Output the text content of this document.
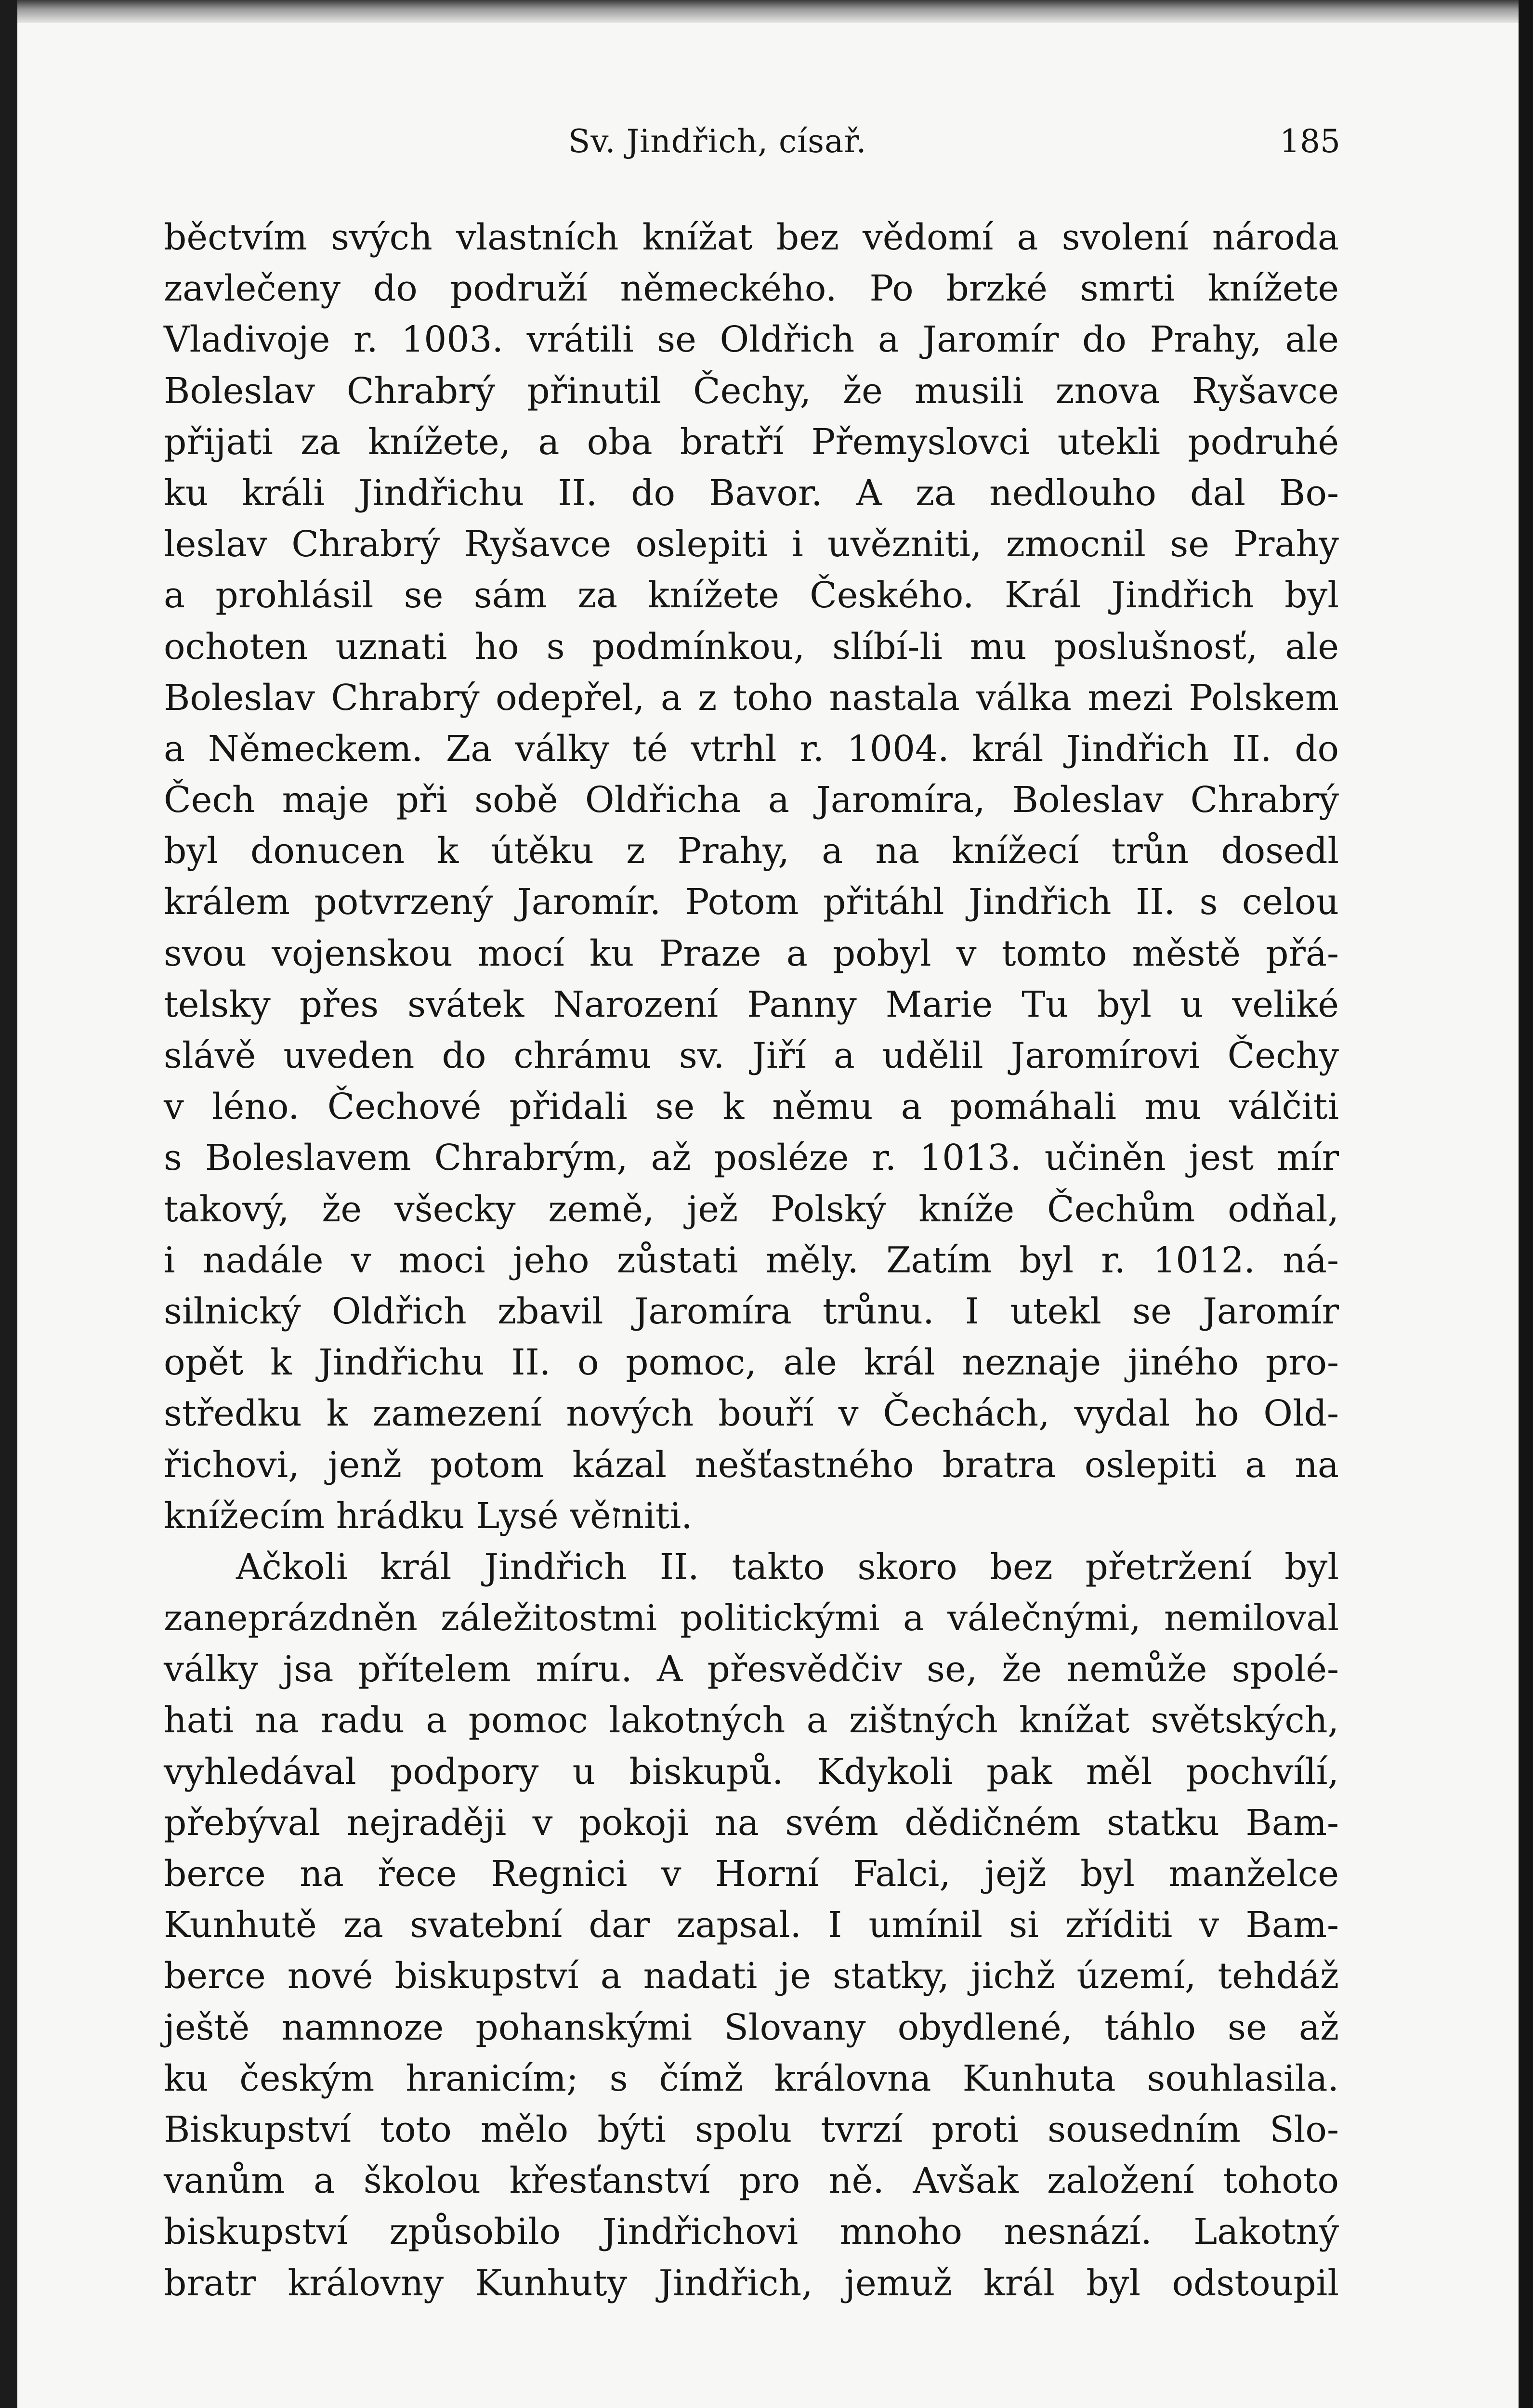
Sv. Jindřich, císař.	185
běctvím svých vlastních knížat bez vědomí a svolení národa
zavlečeny do podruží německého. Po brzké smrti knížete
Vladivoje r. 1003. vrátili se Oldřich a Jaromír do Prahy, ale
Boleslav Chrabrý přinutil Čechy, že musili znova Ryšavce
přijati za knížete, a oba bratří Přemyslovci utekli podruhé
ku králi Jindřichu II. do Bavor. A za nedlouho dal Bo-
leslav Chrabrý Ryšavce oslepiti i uvězniti, zmocnil se Prahy
a prohlásil se sám za knížete Českého. Král Jindřich byl
ochoten uznati ho s podmínkou, slíbí-li mu poslušnosť, ale
Boleslav Chrabrý odepřel, a z toho nastala válka mezi Polskem
a Německem. Za války té vtrhl r. 1004. král Jindřich II. do
Čech maje při sobě Oldřicha a Jaromíra, Boleslav Chrabrý
byl donucen k útěku z Prahy, a na knížecí trůn dosedl
králem potvrzený Jaromír. Potom přitáhl Jindřich II. s celou
svou vojenskou mocí ku Praze a pobyl v tomto městě přá-
telsky přes svátek Narození Panny Marie Tu byl u veliké
slávě uveden do chrámu sv. Jiří a udělil Jaromírovi Čechy
v léno. Čechové přidali se k němu a pomáhali mu válčiti
s Boleslavem Chrabrým, až posléze r. 1013. učiněn jest mír
takový, že všecky země, jež Polský kníže Čechům odňal,
i nadále v moci jeho zůstati měly. Zatím byl r. 1012. ná-
silnický Oldřich zbavil Jaromíra trůnu. I utekl se Jaromír
opět k Jindřichu II. o pomoc, ale král neznaje jiného pro-
středku k zamezení nových bouří v Čechách, vydal ho Old-
řichovi, jenž potom kázal nešťastného bratra oslepiti a na
knížecím hrádku Lysé věזniti.
Ačkoli král Jindřich II. takto skoro bez přetržení byl
zaneprázdněn záležitostmi politickými a válečnými, nemiloval
války jsa přítelem míru. A přesvědčiv se, že nemůže spolé-
hati na radu a pomoc lakotných a zištných knížat světských,
vyhledával podpory u biskupů. Kdykoli pak měl pochvílí,
přebýval nejraději v pokoji na svém dědičném statku Bam-
berce na řece Regnici v Horní Falci, jejž byl manželce
Kunhutě za svatební dar zapsal. I umínil si zříditi v Bam-
berce nové biskupství a nadati je statky, jichž území, tehdáž
ještě namnoze pohanskými Slovany obydlené, táhlo se až
ku českým hranicím; s čímž královna Kunhuta souhlasila.
Biskupství toto mělo býti spolu tvrzí proti sousedním Slo-
vanům a školou křesťanství pro ně. Avšak založení tohoto
biskupství způsobilo Jindřichovi mnoho nesnází. Lakotný
bratr královny Kunhuty Jindřich, jemuž král byl odstoupil
